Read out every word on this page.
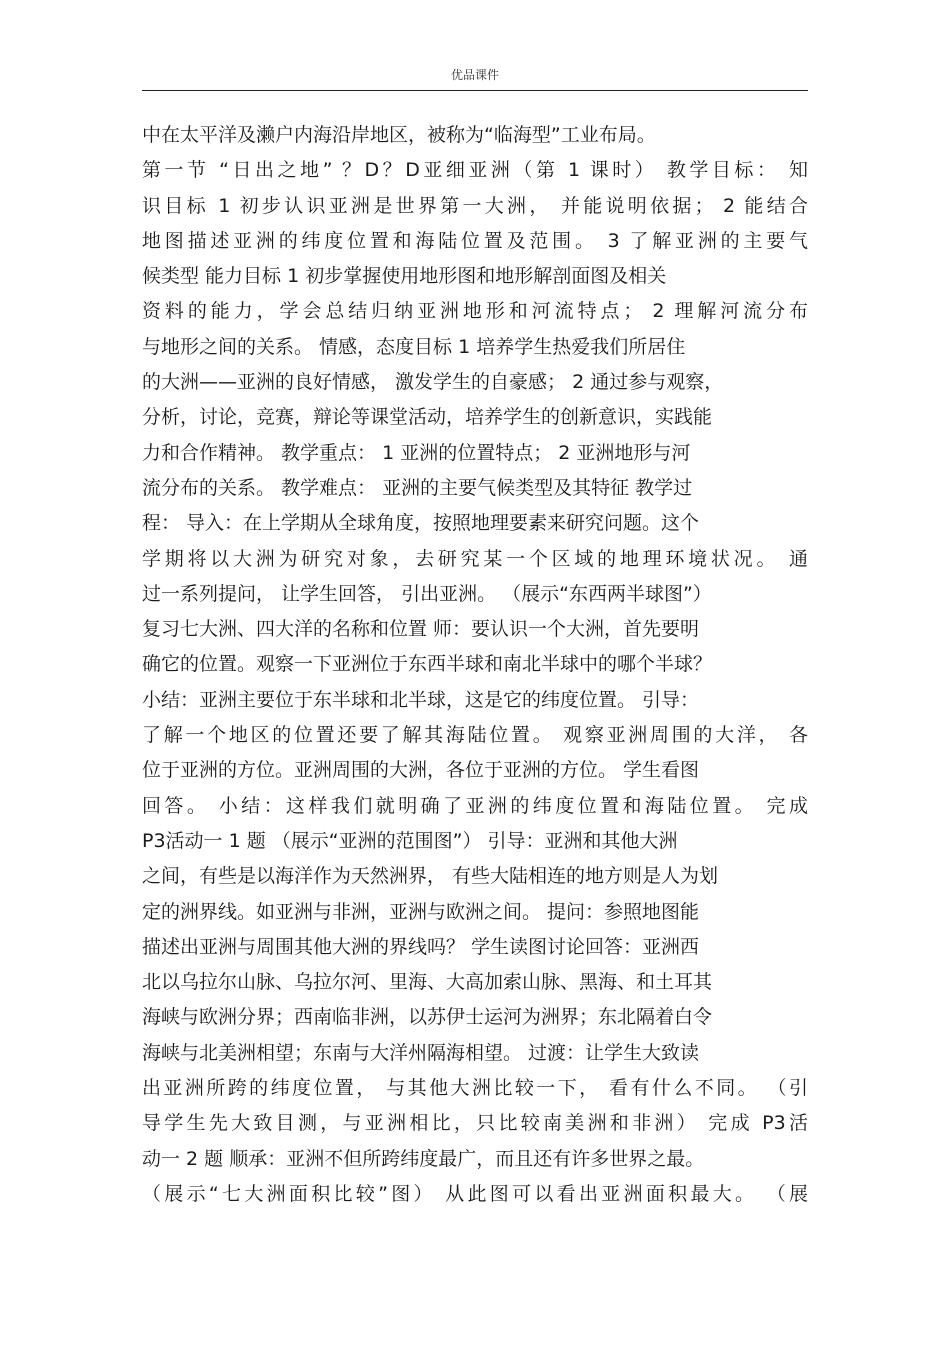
优品课件
中在太平洋及濑户内海沿岸地区，被称为“临海型”工业布局。
第一节 “日出之地” ？D？D亚细亚洲（第 1 课时） 教学目标： 知
识目标 1 初步认识亚洲是世界第一大洲， 并能说明依据； 2 能结合
地图描述亚洲的纬度位置和海陆位置及范围。 3 了解亚洲的主要气
候类型 能力目标 1 初步掌握使用地形图和地形解剖面图及相关
资料的能力，学会总结归纳亚洲地形和河流特点； 2 理解河流分布
与地形之间的关系。 情感，态度目标 1 培养学生热爱我们所居住
的大洲——亚洲的良好情感， 激发学生的自豪感； 2 通过参与观察，
分析，讨论，竞赛，辩论等课堂活动，培养学生的创新意识，实践能
力和合作精神。 教学重点： 1 亚洲的位置特点； 2 亚洲地形与河
流分布的关系。 教学难点： 亚洲的主要气候类型及其特征 教学过
程： 导入：在上学期从全球角度，按照地理要素来研究问题。这个
学期将以大洲为研究对象，去研究某一个区域的地理环境状况。 通
过一系列提问， 让学生回答， 引出亚洲。 （展示“东西两半球图”）
复习七大洲、四大洋的名称和位置 师：要认识一个大洲，首先要明
确它的位置。观察一下亚洲位于东西半球和南北半球中的哪个半球？
小结：亚洲主要位于东半球和北半球，这是它的纬度位置。 引导：
了解一个地区的位置还要了解其海陆位置。 观察亚洲周围的大洋， 各
位于亚洲的方位。亚洲周围的大洲，各位于亚洲的方位。 学生看图
回答。 小结：这样我们就明确了亚洲的纬度位置和海陆位置。 完成
P3活动一 1 题 （展示“亚洲的范围图”） 引导：亚洲和其他大洲
之间，有些是以海洋作为天然洲界， 有些大陆相连的地方则是人为划
定的洲界线。如亚洲与非洲，亚洲与欧洲之间。 提问：参照地图能
描述出亚洲与周围其他大洲的界线吗？ 学生读图讨论回答：亚洲西
北以乌拉尔山脉、乌拉尔河、里海、大高加索山脉、黑海、和土耳其
海峡与欧洲分界；西南临非洲，以苏伊士运河为洲界；东北隔着白令
海峡与北美洲相望；东南与大洋州隔海相望。 过渡：让学生大致读
出亚洲所跨的纬度位置， 与其他大洲比较一下， 看有什么不同。 （引
导学生先大致目测，与亚洲相比，只比较南美洲和非洲） 完成 P3活
动一 2 题 顺承：亚洲不但所跨纬度最广，而且还有许多世界之最。
（展示“七大洲面积比较”图） 从此图可以看出亚洲面积最大。 （展
